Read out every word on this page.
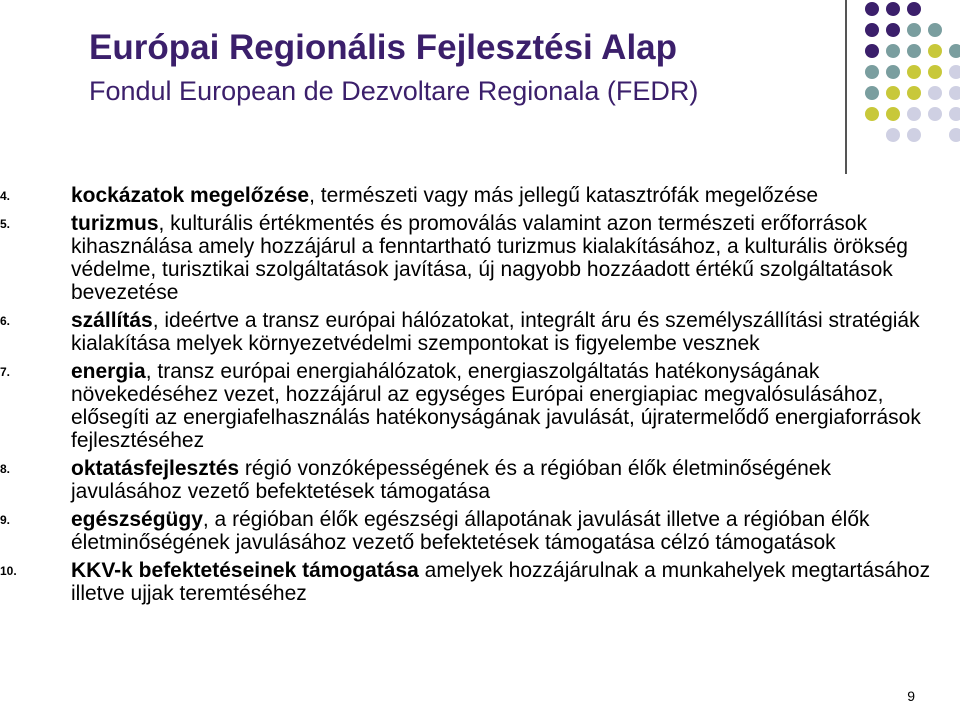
Európai Regionális Fejlesztési Alap
Fondul European de Dezvoltare Regionala (FEDR)
4.	kockázatok megelőzése, természeti vagy más jellegű katasztrófák megelőzése
5.	turizmus, kulturális értékmentés és promoválás valamint azon természeti erőforrások kihasználása amely hozzájárul a fenntartható turizmus kialakításához, a kulturális örökség védelme, turisztikai szolgáltatások javítása, új nagyobb hozzáadott értékű szolgáltatások bevezetése
6.	szállítás, ideértve a transz európai hálózatokat, integrált áru és személyszállítási stratégiák kialakítása melyek környezetvédelmi szempontokat is figyelembe vesznek
7.	energia, transz európai energiahálózatok, energiaszolgáltatás hatékonyságának növekedéséhez vezet, hozzájárul az egységes Európai energiapiac megvalósulásához, elősegíti az energiafelhasználás hatékonyságának javulását, újratermelődő energiaforrások fejlesztéséhez
8.	oktatásfejlesztés régió vonzóképességének és a régióban élők életminőségének javulásához vezető befektetések támogatása
9.	egészségügy, a régióban élők egészségi állapotának javulását illetve a régióban élők életminőségének javulásához vezető befektetések támogatása célzó támogatások
10.	KKV-k befektetéseinek támogatása amelyek hozzájárulnak a munkahelyek megtartásához illetve ujjak teremtéséhez
9
